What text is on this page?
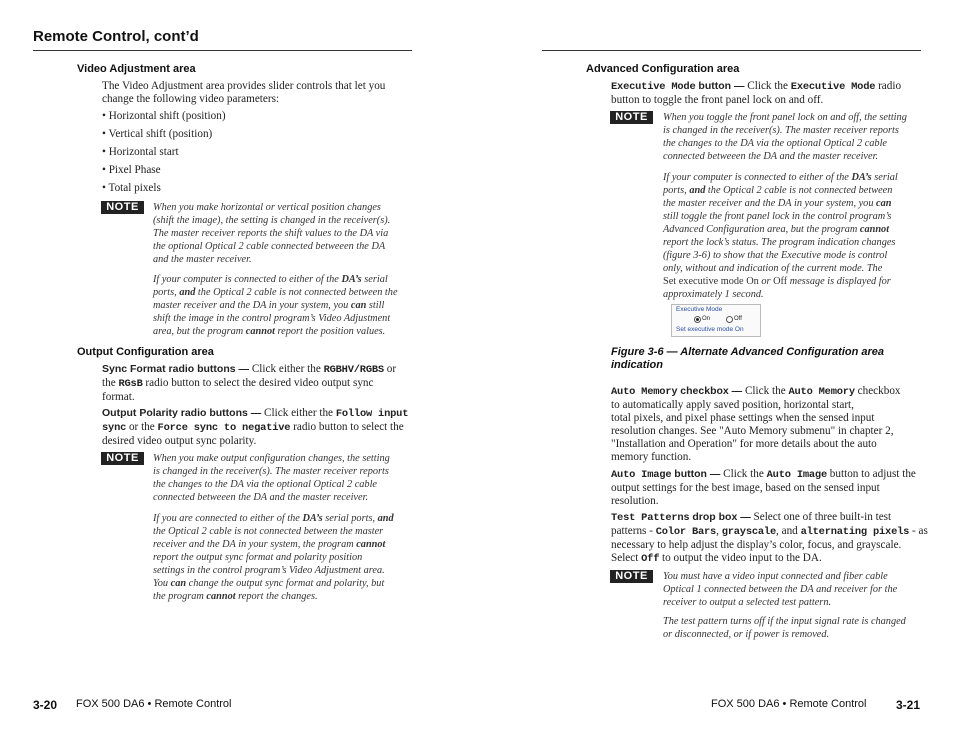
Remote Control, cont’d
Video Adjustment area
The Video Adjustment area provides slider controls that let you
change the following video parameters:
• Horizontal shift (position)
• Vertical shift (position)
• Horizontal start
• Pixel Phase
• Total pixels
NOTE	When you make horizontal or vertical position changes
(shift the image), the setting is changed in the receiver(s).
The master receiver reports the shift values to the DA via
the optional Optical 2 cable connected betweeen the DA
and the master receiver.
If your computer is connected to either of the DA’s serial
ports, and the Optical 2 cable is not connected between the
master receiver and the DA in your system, you can still
shift the image in the control program’s Video Adjustment
area, but the program cannot report the position values.
Output Configuration area
Sync Format radio buttons — Click either the RGBHV/RGBS or
the RGsB radio button to select the desired video output sync
format.
Output Polarity radio buttons — Click either the Follow input
sync or the Force sync to negative radio button to select the
desired video output sync polarity.
NOTE	When you make output configuration changes, the setting
is changed in the receiver(s). The master receiver reports
the changes to the DA via the optional Optical 2 cable
connected betweeen the DA and the master receiver.
If you are connected to either of the DA’s serial ports, and
the Optical 2 cable is not connected between the master
receiver and the DA in your system, the program cannot
report the output sync format and polarity position
settings in the control program’s Video Adjustment area.
You can change the output sync format and polarity, but
the program cannot report the changes.
Advanced Configuration area
Executive Mode button — Click the Executive Mode radio
button to toggle the front panel lock on and off.
NOTE	When you toggle the front panel lock on and off, the setting
is changed in the receiver(s). The master receiver reports
the changes to the DA via the optional Optical 2 cable
connected betweeen the DA and the master receiver.
If your computer is connected to either of the DA’s serial
ports, and the Optical 2 cable is not connected between
the master receiver and the DA in your system, you can
still toggle the front panel lock in the control program’s
Advanced Configuration area, but the program cannot
report the lock’s status. The program indication changes
(figure 3-6) to show that the Executive mode is control
only, without and indication of the current mode. The
Set executive mode On or Off message is displayed for
approximately 1 second.
Executive Mode
On	Off
Set executive mode On
Figure 3-6 — Alternate Advanced Configuration area
indication
Auto Memory checkbox — Click the Auto Memory checkbox
to automatically apply saved position, horizontal start,
total pixels, and pixel phase settings when the sensed input
resolution changes. See "Auto Memory submenu" in chapter 2,
"Installation and Operation" for more details about the auto
memory function.
Auto Image button — Click the Auto Image button to adjust the
output settings for the best image, based on the sensed input
resolution.
Test Patterns drop box — Select one of three built-in test
patterns - Color Bars, grayscale, and alternating pixels - as
necessary to help adjust the display’s color, focus, and grayscale.
Select Off to output the video input to the DA.
NOTE	You must have a video input connected and fiber cable
Optical 1 connected between the DA and receiver for the
receiver to output a selected test pattern.
The test pattern turns off if the input signal rate is changed
or disconnected, or if power is removed.
3-20 FOX 500 DA6 • Remote Control	FOX 500 DA6 • Remote Control 3-21
